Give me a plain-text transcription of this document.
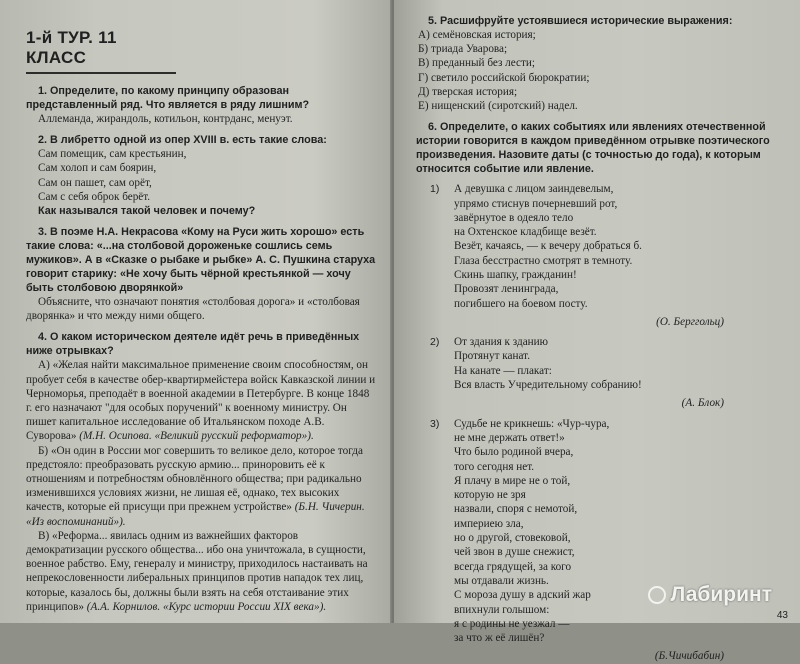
1-й ТУР. 11 КЛАСС
1. Определите, по какому принципу образован представленный ряд. Что является в ряду лишним?
Аллеманда, жирандоль, котильон, контрданс, менуэт.
2. В либретто одной из опер XVIII в. есть такие слова:
Сам помещик, сам крестьянин,
Сам холоп и сам боярин,
Сам он пашет, сам орёт,
Сам с себя оброк берёт.
Как назывался такой человек и почему?
3. В поэме Н.А. Некрасова «Кому на Руси жить хорошо» есть такие слова: «...на столбовой дороженьке сошлись семь мужиков». А в «Сказке о рыбаке и рыбке» А. С. Пушкина старуха говорит старику: «Не хочу быть чёрной крестьянкой — хочу быть столбовою дворянкой»
Объясните, что означают понятия «столбовая дорога» и «столбовая дворянка» и что между ними общего.
4. О каком историческом деятеле идёт речь в приведённых ниже отрывках?
А) «Желая найти максимальное применение своим способностям, он пробует себя в качестве обер-квартирмейстера войск Кавказской линии и Черноморья, преподаёт в военной академии в Петербурге. В конце 1848 г. его назначают "для особых поручений" к военному министру. Он пишет капитальное исследование об Итальянском походе А.В. Суворова» (М.Н. Осипова. «Великий русский реформатор»).
Б) «Он один в России мог совершить то великое дело, которое тогда предстояло: преобразовать русскую армию... приноровить её к отношениям и потребностям обновлённого общества; при радикально изменившихся условиях жизни, не лишая её, однако, тех высоких качеств, которые ей присущи при прежнем устройстве» (Б.Н. Чичерин. «Из воспоминаний»).
В) «Реформа... явилась одним из важнейших факторов демократизации русского общества... ибо она уничтожала, в сущности, военное рабство. Ему, генералу и министру, приходилось настаивать на непрекословенности либеральных принципов против нападок тех лиц, которые, казалось бы, должны были взять на себя отстаивание этих принципов» (А.А. Корнилов. «Курс истории России XIX века»).
5. Расшифруйте устоявшиеся исторические выражения:
А) семёновская история;
Б) триада Уварова;
В) преданный без лести;
Г) светило российской бюрократии;
Д) тверская история;
Е) нищенский (сиротский) надел.
6. Определите, о каких событиях или явлениях отечественной истории говорится в каждом приведённом отрывке поэтического произведения. Назовите даты (с точностью до года), к которым относится событие или явление.
1)	А девушка с лицом заиндевелым,
упрямо стиснув почерневший рот,
завёрнутое в одеяло тело
на Охтенское кладбище везёт.
Везёт, качаясь, — к вечеру добраться б.
Глаза бесстрастно смотрят в темноту.
Скинь шапку, гражданин!
Провозят ленинграда,
погибшего на боевом посту.
(О. Берггольц)
2)	От здания к зданию
Протянут канат.
На канате — плакат:
Вся власть Учредительному собранию!
(А. Блок)
3)	Судьбе не крикнешь: «Чур-чура,
не мне держать ответ!»
Что было родиной вчера,
того сегодня нет.
Я плачу в мире не о той,
которую не зря
назвали, споря с немотой,
империею зла,
но о другой, стовековой,
чей звон в душе снежист,
всегда грядущей, за кого
мы отдавали жизнь.
С мороза душу в адский жар
впихнули голышом:
я с родины не уезжал —
за что ж её лишён?
(Б.Чичибабин)
Лабиринт
43
